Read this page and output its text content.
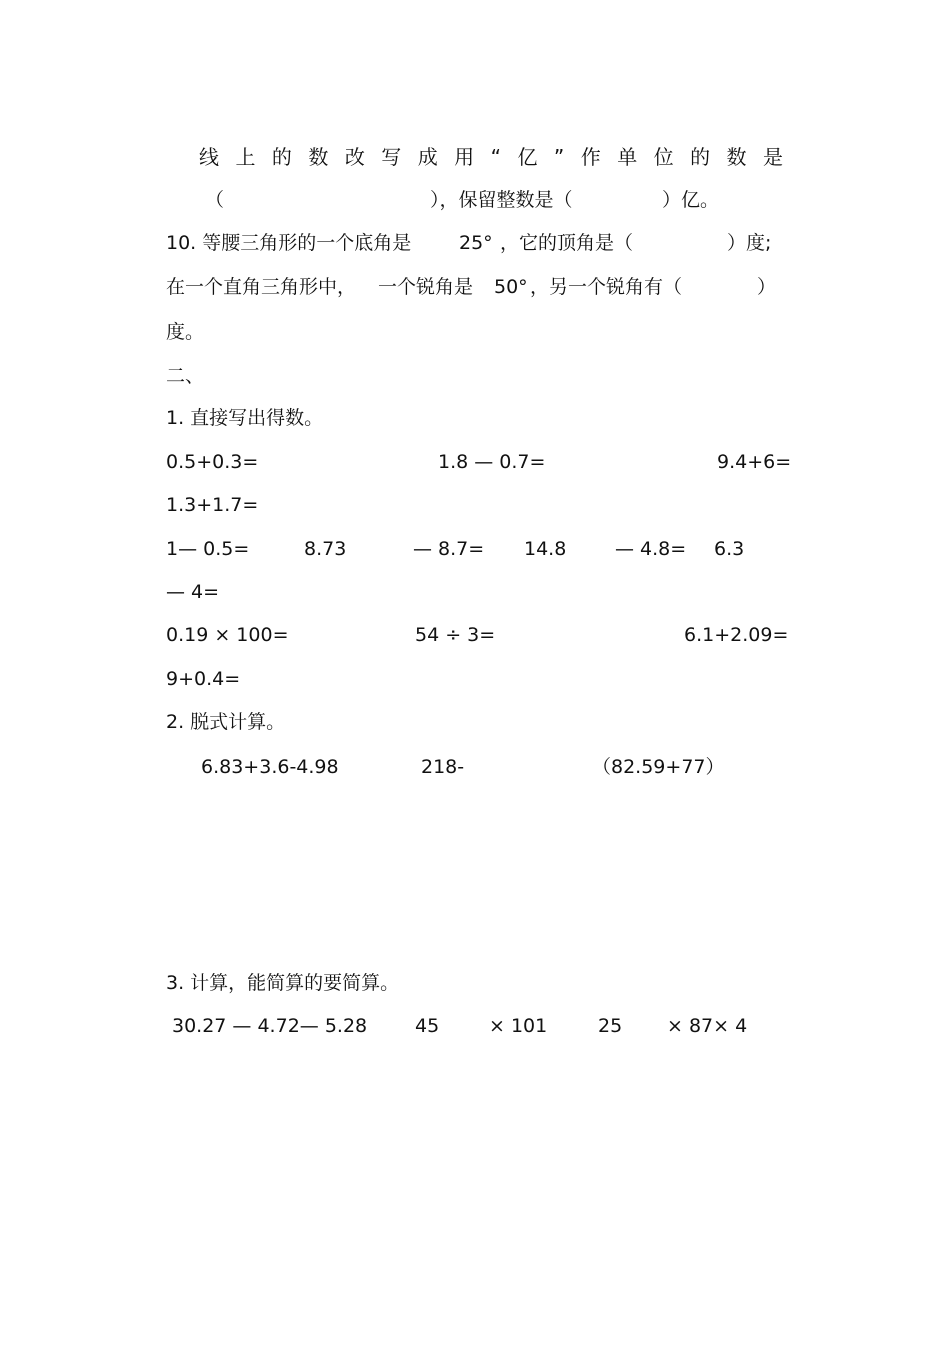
线 上 的 数 改 写 成 用 “ 亿 ” 作 单 位 的 数 是
（	），保留整数是（	）亿。
10. 等腰三角形的一个底角是	25° ，它的顶角是（	）度;
在一个直角三角形中， 一个锐角是 50° ，另一个锐角有（	）
度。
二、
1. 直接写出得数。
0.5+0.3=	1.8 — 0.7=	9.4+6=
1.3+1.7=
1— 0.5=	8.73	— 8.7= 14.8	— 4.8= 6.3
— 4=
0.19 × 100=	54 ÷ 3=	6.1+2.09=
9+0.4=
2. 脱式计算。
6.83+3.6-4.98	218-	（82.59+77）
3. 计算，能简算的要简算。
30.27 — 4.72— 5.28	45	× 101	25 × 87× 4
